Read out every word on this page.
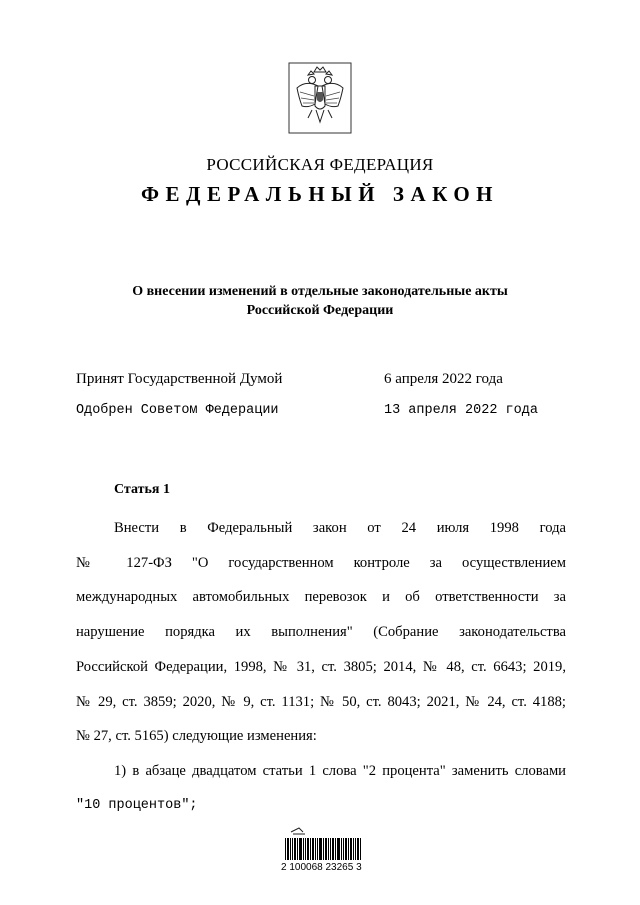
РОССИЙСКАЯ ФЕДЕРАЦИЯ
ФЕДЕРАЛЬНЫЙ ЗАКОН
О внесении изменений в отдельные законодательные акты
Российской Федерации
Принят Государственной Думой	6 апреля 2022 года
Одобрен Советом Федерации	13 апреля 2022 года
Статья 1
Внести в Федеральный закон от 24 июля 1998 года
№ 127-ФЗ "О государственном контроле за осуществлением
международных автомобильных перевозок и об ответственности за
нарушение порядка их выполнения" (Собрание законодательства
Российской Федерации, 1998, № 31, ст. 3805; 2014, № 48, ст. 6643; 2019,
№ 29, ст. 3859; 2020, № 9, ст. 1131; № 50, ст. 8043; 2021, № 24, ст. 4188;
№ 27, ст. 5165) следующие изменения:
1) в абзаце двадцатом статьи 1 слова "2 процента" заменить словами
"10 процентов";
2 100068 23265 3
